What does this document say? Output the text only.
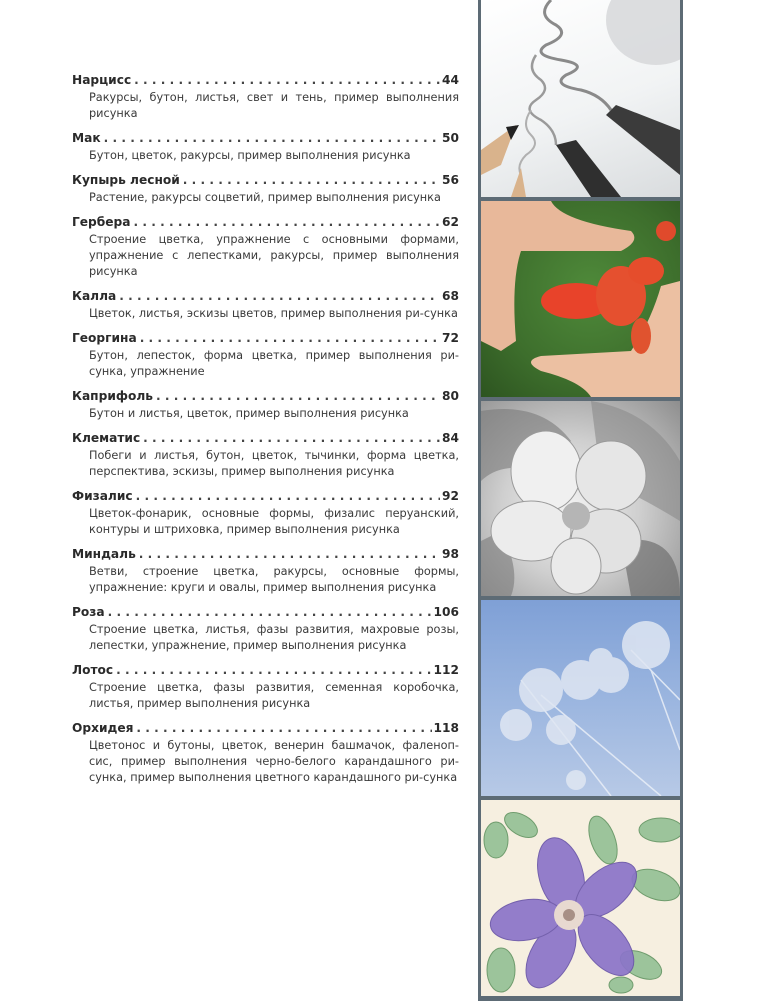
Нарцисс . . .	44
Ракурсы, бутон, листья, свет и тень, пример выполнения рисунка
Мак . . .	50
Бутон, цветок, ракурсы, пример выполнения рисунка
Купырь лесной . . .	56
Растение, ракурсы соцветий, пример выполнения рисунка
Гербера . . .	62
Строение цветка, упражнение с основными формами, упражнение с лепестками, ракурсы, пример выполнения рисунка
Калла . . .	68
Цветок, листья, эскизы цветов, пример выполнения ри-сунка
Георгина . . .	72
Бутон, лепесток, форма цветка, пример выполнения ри-сунка, упражнение
Каприфоль . . .	80
Бутон и листья, цветок, пример выполнения рисунка
Клематис . . .	84
Побеги и листья, бутон, цветок, тычинки, форма цветка, перспектива, эскизы, пример выполнения рисунка
Физалис . . .	92
Цветок-фонарик, основные формы, физалис перуанский, контуры и штриховка, пример выполнения рисунка
Миндаль . . .	98
Ветви, строение цветка, ракурсы, основные формы, упражнение: круги и овалы, пример выполнения рисунка
Роза . . .	106
Строение цветка, листья, фазы развития, махровые розы, лепестки, упражнение, пример выполнения рисунка
Лотос . . .	112
Строение цветка, фазы развития, семенная коробочка, листья, пример выполнения рисунка
Орхидея . . .	118
Цветонос и бутоны, цветок, венерин башмачок, фаленоп-сис, пример выполнения черно-белого карандашного ри-сунка, пример выполнения цветного карандашного ри-сунка
